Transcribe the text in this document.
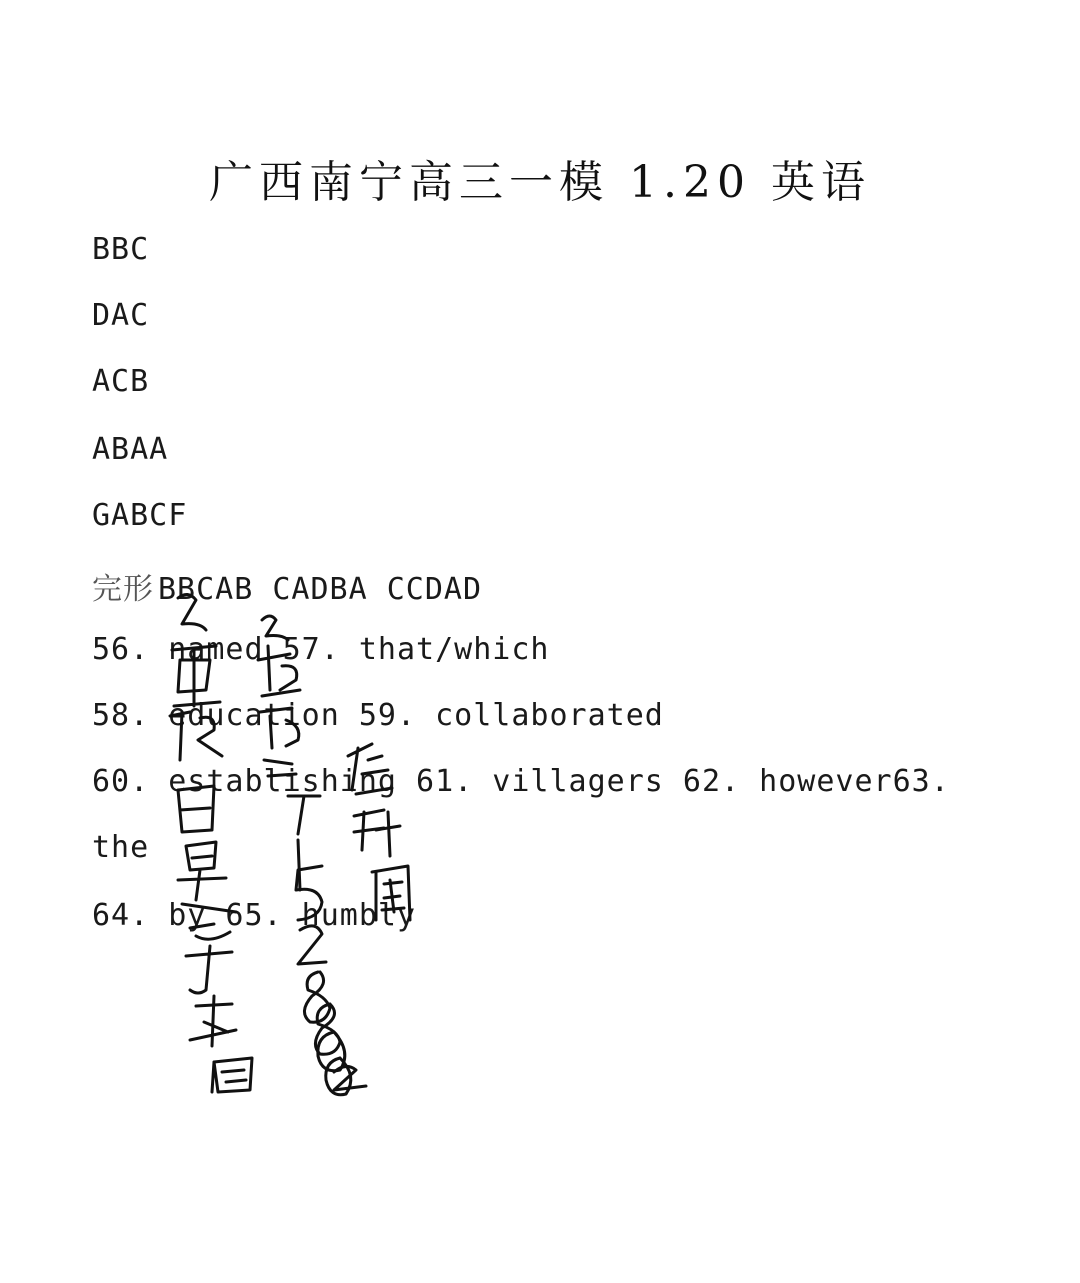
广西南宁高三一模 1.20 英语
BBC
DAC
ACB
ABAA
GABCF
完形 BBCAB CADBA CCDAD
56. named 57. that/which
58. education 59. collaborated
60. establishing 61. villagers 62. however63.
the
64. by 65. humbly
